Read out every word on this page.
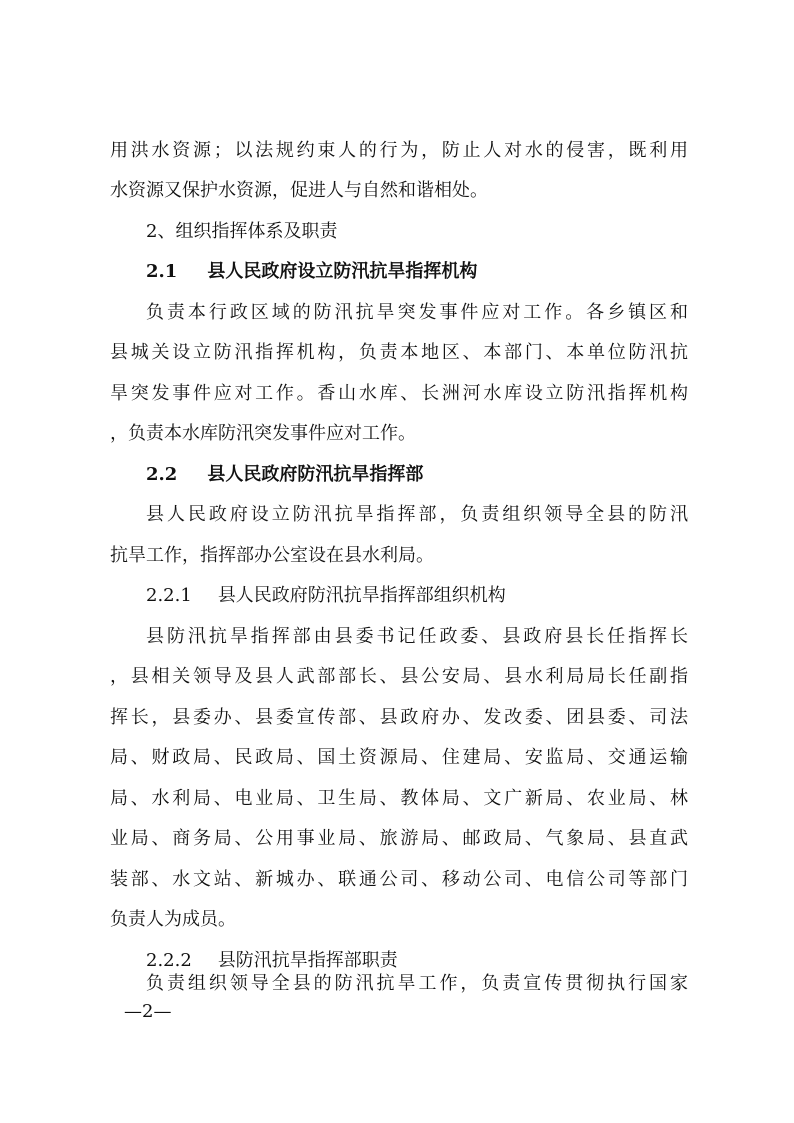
用洪水资源；以法规约束人的行为，防止人对水的侵害，既利用
水资源又保护水资源，促进人与自然和谐相处。
2、组织指挥体系及职责
2.1 县人民政府设立防汛抗旱指挥机构
负责本行政区域的防汛抗旱突发事件应对工作。各乡镇区和
县城关设立防汛指挥机构，负责本地区、本部门、本单位防汛抗
旱突发事件应对工作。香山水库、长洲河水库设立防汛指挥机构
，负责本水库防汛突发事件应对工作。
2.2 县人民政府防汛抗旱指挥部
县人民政府设立防汛抗旱指挥部，负责组织领导全县的防汛
抗旱工作，指挥部办公室设在县水利局。
2.2.1 县人民政府防汛抗旱指挥部组织机构
县防汛抗旱指挥部由县委书记任政委、县政府县长任指挥长
，县相关领导及县人武部部长、县公安局、县水利局局长任副指
挥长，县委办、县委宣传部、县政府办、发改委、团县委、司法
局、财政局、民政局、国土资源局、住建局、安监局、交通运输
局、水利局、电业局、卫生局、教体局、文广新局、农业局、林
业局、商务局、公用事业局、旅游局、邮政局、气象局、县直武
装部、水文站、新城办、联通公司、移动公司、电信公司等部门
负责人为成员。
2.2.2 县防汛抗旱指挥部职责
负责组织领导全县的防汛抗旱工作，负责宣传贯彻执行国家
—2—
